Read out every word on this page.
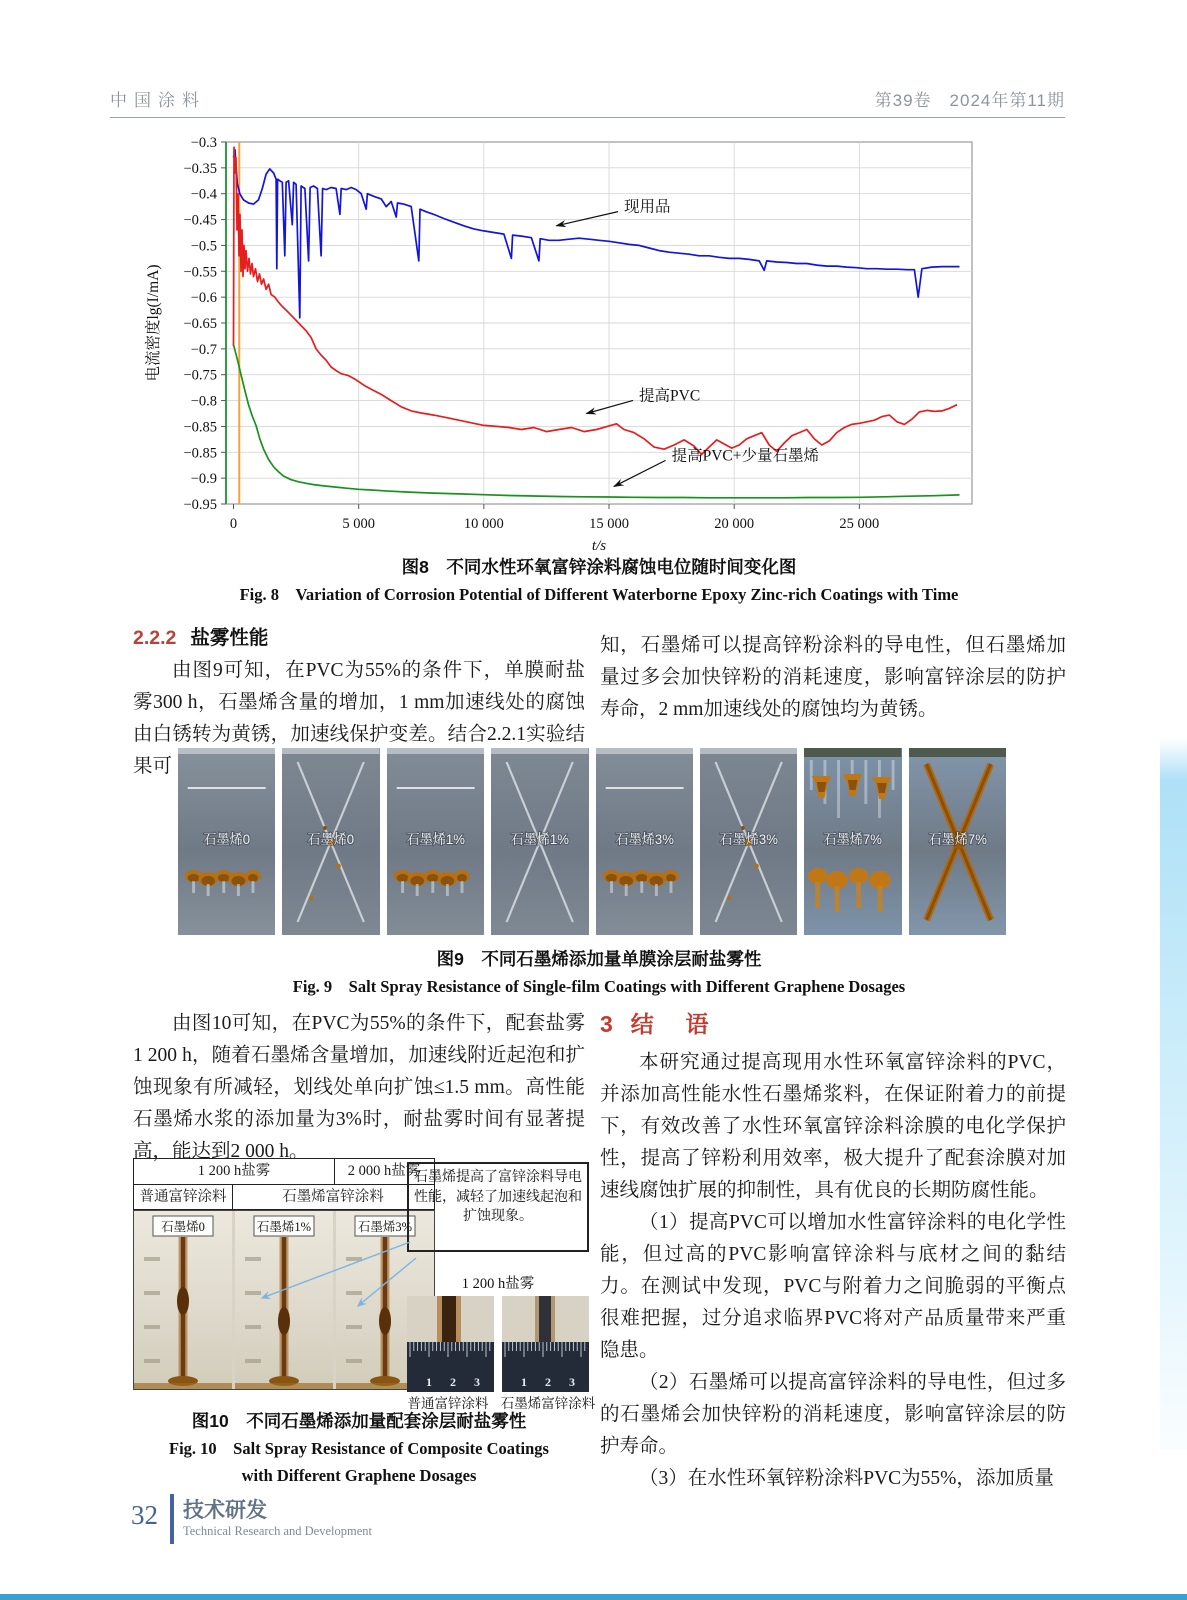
中国涂料	第39卷　2024年第11期
−0.3
−0.35
−0.4
−0.45
−0.5
−0.55
−0.6
−0.65
−0.7
−0.75
−0.8
−0.85
−0.85
−0.9
−0.95
0	5 000	10 000	15 000	20 000	25 000
t/s
电流密度lg(I/mA)
现用品
提高PVC
提高PVC+少量石墨烯
图8　不同水性环氧富锌涂料腐蚀电位随时间变化图
Fig. 8　Variation of Corrosion Potential of Different Waterborne Epoxy Zinc-rich Coatings with Time
2.2.2 盐雾性能

由图9可知，在PVC为55%的条件下，单膜耐盐雾300 h，石墨烯含量的增加，1 mm加速线处的腐蚀由白锈转为黄锈，加速线保护变差。结合2.2.1实验结果可

知，石墨烯可以提高锌粉涂料的导电性，但石墨烯加量过多会加快锌粉的消耗速度，影响富锌涂层的防护寿命，2 mm加速线处的腐蚀均为黄锈。

石墨烯0	石墨烯0	石墨烯1%	石墨烯1%	石墨烯3%	石墨烯3%	石墨烯7%	石墨烯7%
图9　不同石墨烯添加量单膜涂层耐盐雾性
Fig. 9　Salt Spray Resistance of Single-film Coatings with Different Graphene Dosages

由图10可知，在PVC为55%的条件下，配套盐雾1 200 h，随着石墨烯含量增加，加速线附近起泡和扩蚀现象有所减轻，划线处单向扩蚀≤1.5 mm。高性能石墨烯水浆的添加量为3%时，耐盐雾时间有显著提高，能达到2 000 h。

1 200 h盐雾	2 000 h盐雾
普通富锌涂料	石墨烯富锌涂料
石墨烯0	石墨烯1%	石墨烯3%
石墨烯提高了富锌涂料导电性能，减轻了加速线起泡和扩蚀现象。
1 200 h盐雾
1 2 3	1 2 3
普通富锌涂料 石墨烯富锌涂料
图10　不同石墨烯添加量配套涂层耐盐雾性
Fig. 10　Salt Spray Resistance of Composite Coatings with Different Graphene Dosages
3 结 语

本研究通过提高现用水性环氧富锌涂料的PVC，并添加高性能水性石墨烯浆料，在保证附着力的前提下，有效改善了水性环氧富锌涂料涂膜的电化学保护性，提高了锌粉利用效率，极大提升了配套涂膜对加速线腐蚀扩展的抑制性，具有优良的长期防腐性能。

（1）提高PVC可以增加水性富锌涂料的电化学性能，但过高的PVC影响富锌涂料与底材之间的黏结力。在测试中发现，PVC与附着力之间脆弱的平衡点很难把握，过分追求临界PVC将对产品质量带来严重隐患。

（2）石墨烯可以提高富锌涂料的导电性，但过多的石墨烯会加快锌粉的消耗速度，影响富锌涂层的防护寿命。

（3）在水性环氧锌粉涂料PVC为55%，添加质量

32 技术研发
Technical Research and Development
